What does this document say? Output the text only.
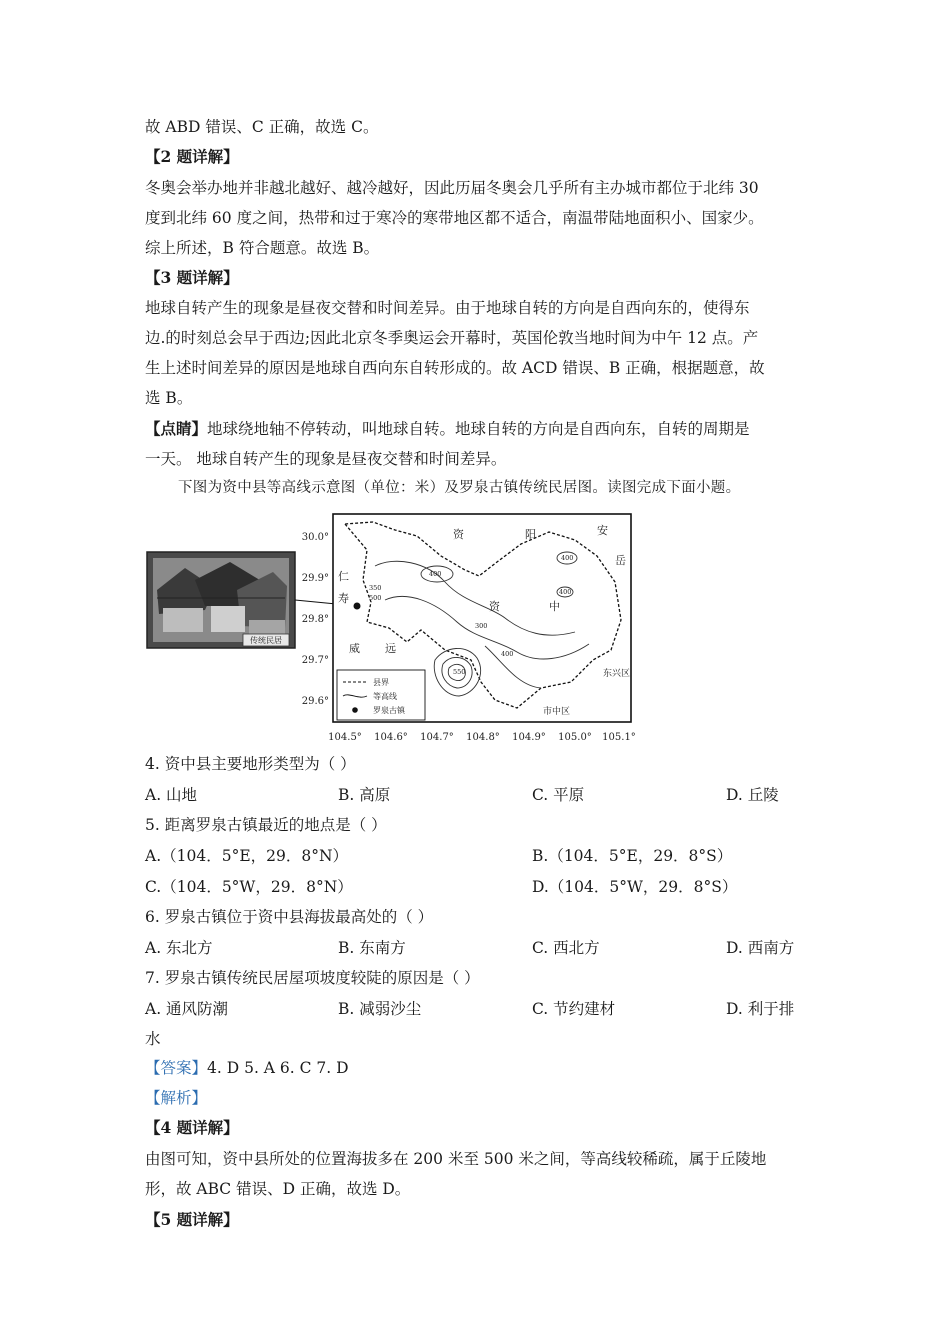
故 ABD 错误、C 正确，故选 C。
【2 题详解】
冬奥会举办地并非越北越好、越冷越好，因此历届冬奥会几乎所有主办城市都位于北纬 30
度到北纬 60 度之间，热带和过于寒冷的寒带地区都不适合，南温带陆地面积小、国家少。
综上所述，B 符合题意。故选 B。
【3 题详解】
地球自转产生的现象是昼夜交替和时间差异。由于地球自转的方向是自西向东的，使得东
边.的时刻总会早于西边;因此北京冬季奥运会开幕时，英国伦敦当地时间为中午 12 点。产
生上述时间差异的原因是地球自西向东自转形成的。故 ACD 错误、B 正确，根据题意，故
选 B。
【点睛】地球绕地轴不停转动，叫地球自转。地球自转的方向是自西向东，自转的周期是
一天。 地球自转产生的现象是昼夜交替和时间差异。
下图为资中县等高线示意图（单位：米）及罗泉古镇传统民居图。读图完成下面小题。
传统民居
30.0°
29.9°
29.8°
29.7°
29.6°
104.5° 104.6° 104.7° 104.8° 104.9° 105.0° 105.1°
资	阳	安
岳
仁
寿
资	中
威 远
东兴区
市中区
400
350
500
400
400
300
400
550
县界
等高线
罗泉古镇
4. 资中县主要地形类型为（ ）
A. 山地	B. 高原	C. 平原	D. 丘陵
5. 距离罗泉古镇最近的地点是（ ）
A.（104．5°E，29．8°N）	B.（104．5°E，29．8°S）
C.（104．5°W，29．8°N）	D.（104．5°W，29．8°S）
6. 罗泉古镇位于资中县海拔最高处的（ ）
A. 东北方	B. 东南方	C. 西北方	D. 西南方
7. 罗泉古镇传统民居屋项坡度较陡的原因是（ ）
A. 通风防潮	B. 减弱沙尘	C. 节约建材	D. 利于排
水
【答案】4. D 5. A 6. C 7. D
【解析】
【4 题详解】
由图可知，资中县所处的位置海拔多在 200 米至 500 米之间，等高线较稀疏，属于丘陵地
形，故 ABC 错误、D 正确，故选 D。
【5 题详解】
